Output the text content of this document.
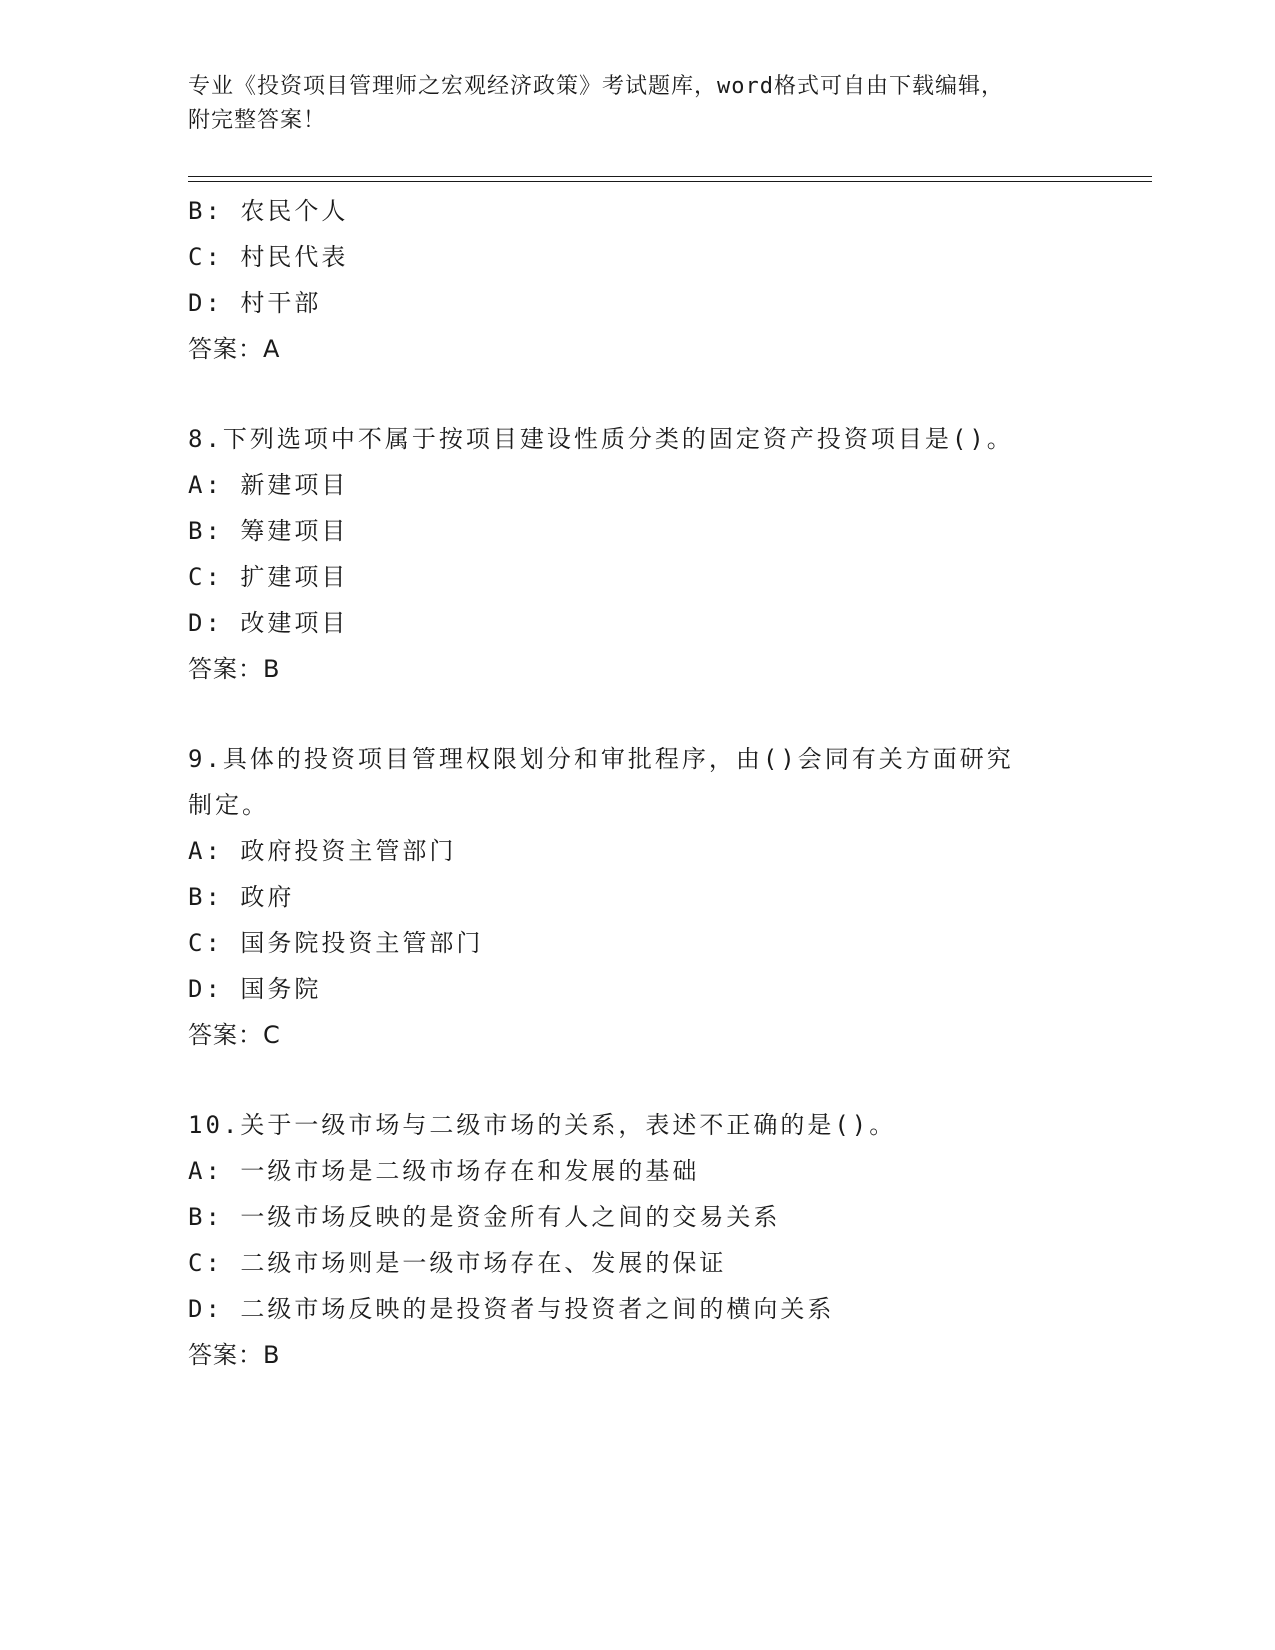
专业《投资项目管理师之宏观经济政策》考试题库，word格式可自由下载编辑，
附完整答案！
B: 农民个人
C: 村民代表
D: 村干部
答案：A
8.下列选项中不属于按项目建设性质分类的固定资产投资项目是()。
A: 新建项目
B: 筹建项目
C: 扩建项目
D: 改建项目
答案：B
9.具体的投资项目管理权限划分和审批程序，由()会同有关方面研究
制定。
A: 政府投资主管部门
B: 政府
C: 国务院投资主管部门
D: 国务院
答案：C
10.关于一级市场与二级市场的关系，表述不正确的是()。
A: 一级市场是二级市场存在和发展的基础
B: 一级市场反映的是资金所有人之间的交易关系
C: 二级市场则是一级市场存在、发展的保证
D: 二级市场反映的是投资者与投资者之间的横向关系
答案：B
